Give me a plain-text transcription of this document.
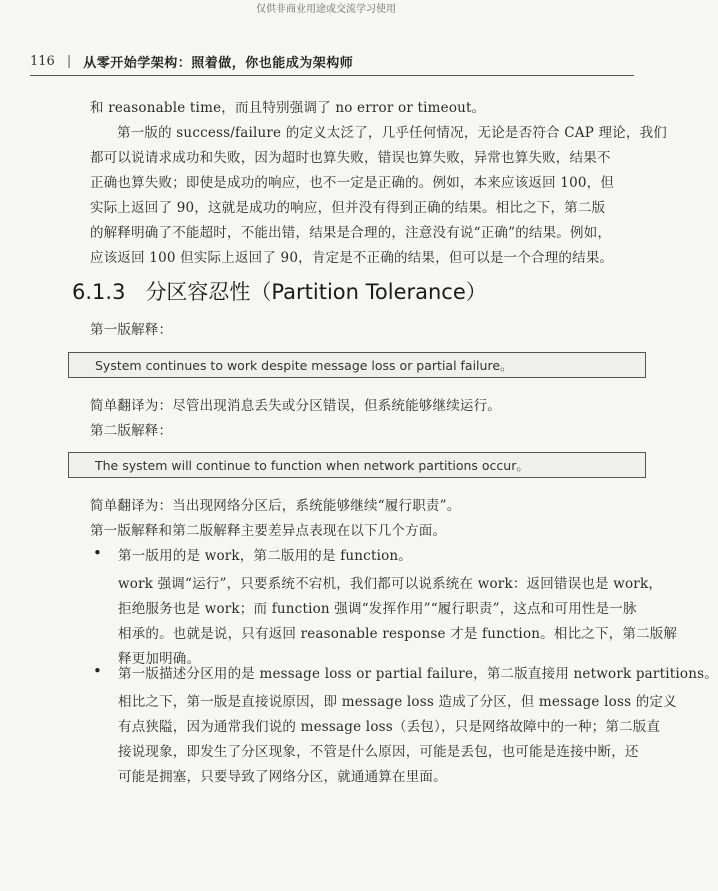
仅供非商业用途或交流学习使用
116 | 从零开始学架构：照着做，你也能成为架构师
和 reasonable time，而且特别强调了 no error or timeout。
第一版的 success/failure 的定义太泛了，几乎任何情况，无论是否符合 CAP 理论，我们
都可以说请求成功和失败，因为超时也算失败，错误也算失败，异常也算失败，结果不
正确也算失败；即使是成功的响应，也不一定是正确的。例如，本来应该返回 100，但
实际上返回了 90，这就是成功的响应，但并没有得到正确的结果。相比之下，第二版
的解释明确了不能超时，不能出错，结果是合理的，注意没有说“正确”的结果。例如，
应该返回 100 但实际上返回了 90，肯定是不正确的结果，但可以是一个合理的结果。
6.1.3 分区容忍性（Partition Tolerance）
第一版解释：
System continues to work despite message loss or partial failure。
简单翻译为：尽管出现消息丢失或分区错误，但系统能够继续运行。
第二版解释：
The system will continue to function when network partitions occur。
简单翻译为：当出现网络分区后，系统能够继续“履行职责”。
第一版解释和第二版解释主要差异点表现在以下几个方面。
• 第一版用的是 work，第二版用的是 function。
work 强调“运行”，只要系统不宕机，我们都可以说系统在 work：返回错误也是 work，
拒绝服务也是 work；而 function 强调“发挥作用”“履行职责”，这点和可用性是一脉
相承的。也就是说，只有返回 reasonable response 才是 function。相比之下，第二版解
释更加明确。
• 第一版描述分区用的是 message loss or partial failure，第二版直接用 network partitions。
相比之下，第一版是直接说原因，即 message loss 造成了分区，但 message loss 的定义
有点狭隘，因为通常我们说的 message loss（丢包），只是网络故障中的一种；第二版直
接说现象，即发生了分区现象，不管是什么原因，可能是丢包，也可能是连接中断，还
可能是拥塞，只要导致了网络分区，就通通算在里面。
